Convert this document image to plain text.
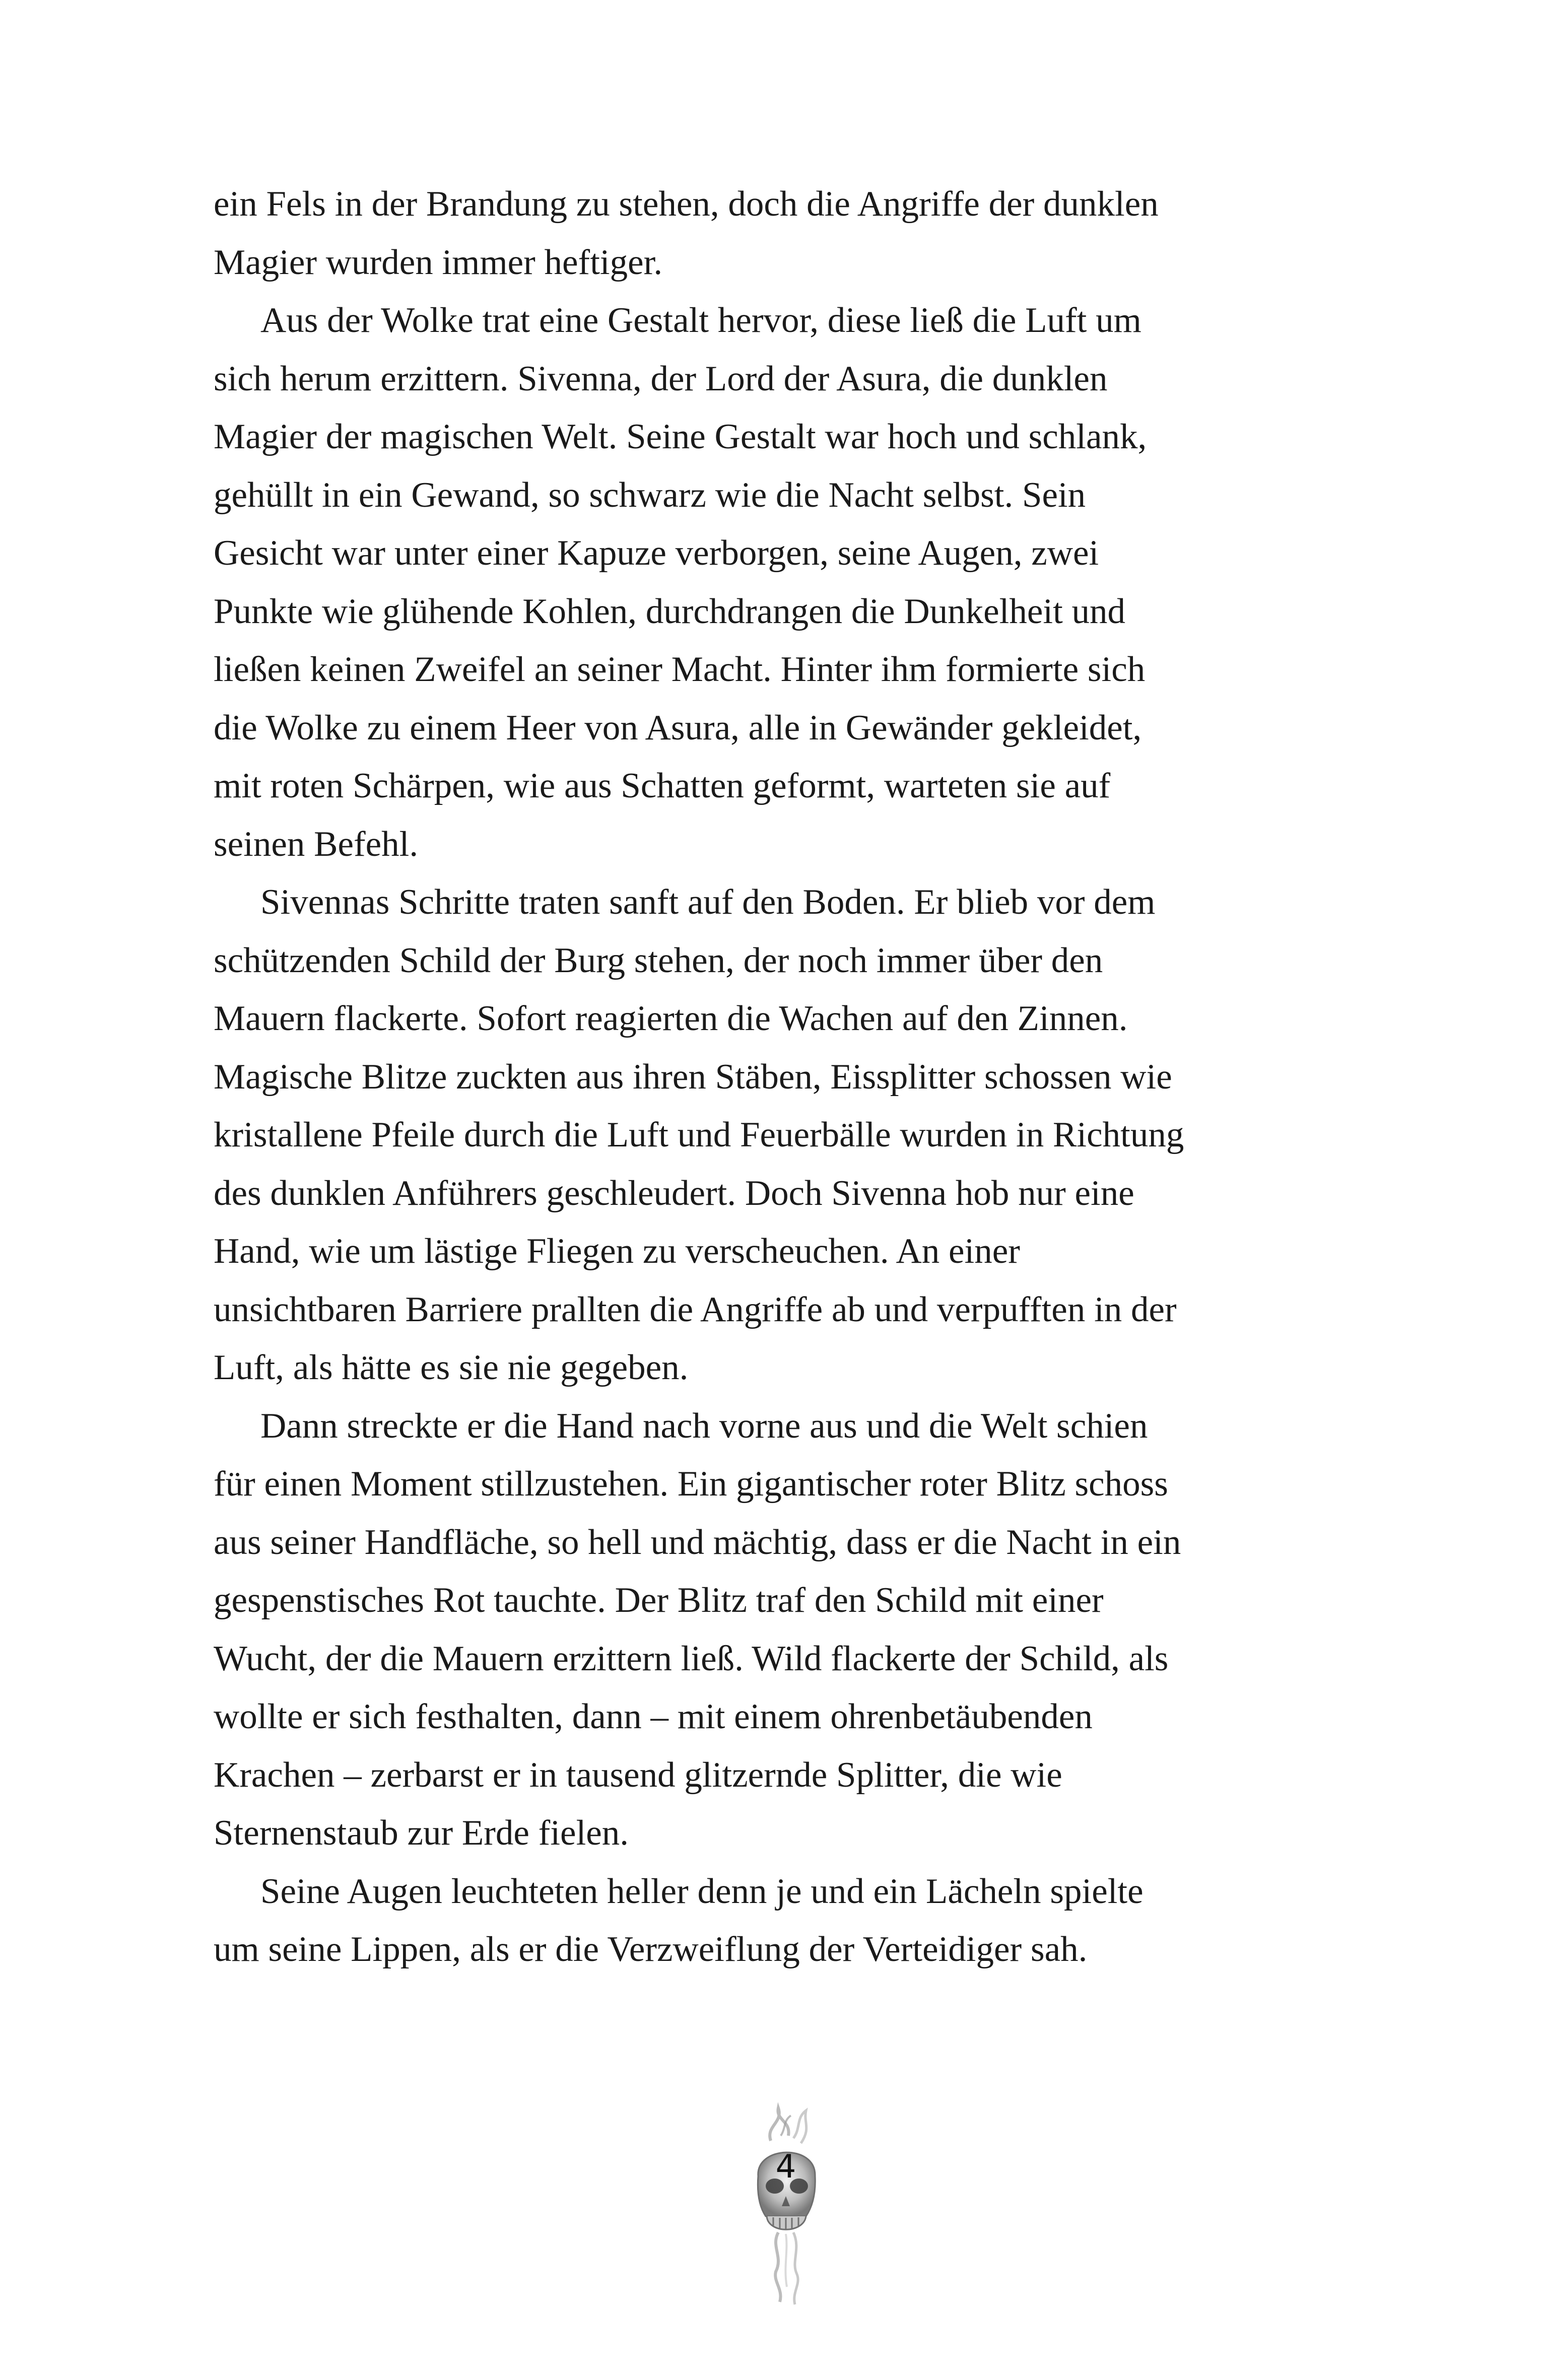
ein Fels in der Brandung zu stehen, doch die Angriffe der dunklen
Magier wurden immer heftiger.
Aus der Wolke trat eine Gestalt hervor, diese ließ die Luft um
sich herum erzittern. Sivenna, der Lord der Asura, die dunklen
Magier der magischen Welt. Seine Gestalt war hoch und schlank,
gehüllt in ein Gewand, so schwarz wie die Nacht selbst. Sein
Gesicht war unter einer Kapuze verborgen, seine Augen, zwei
Punkte wie glühende Kohlen, durchdrangen die Dunkelheit und
ließen keinen Zweifel an seiner Macht. Hinter ihm formierte sich
die Wolke zu einem Heer von Asura, alle in Gewänder gekleidet,
mit roten Schärpen, wie aus Schatten geformt, warteten sie auf
seinen Befehl.
Sivennas Schritte traten sanft auf den Boden. Er blieb vor dem
schützenden Schild der Burg stehen, der noch immer über den
Mauern flackerte. Sofort reagierten die Wachen auf den Zinnen.
Magische Blitze zuckten aus ihren Stäben, Eissplitter schossen wie
kristallene Pfeile durch die Luft und Feuerbälle wurden in Richtung
des dunklen Anführers geschleudert. Doch Sivenna hob nur eine
Hand, wie um lästige Fliegen zu verscheuchen. An einer
unsichtbaren Barriere prallten die Angriffe ab und verpufften in der
Luft, als hätte es sie nie gegeben.
Dann streckte er die Hand nach vorne aus und die Welt schien
für einen Moment stillzustehen. Ein gigantischer roter Blitz schoss
aus seiner Handfläche, so hell und mächtig, dass er die Nacht in ein
gespenstisches Rot tauchte. Der Blitz traf den Schild mit einer
Wucht, der die Mauern erzittern ließ. Wild flackerte der Schild, als
wollte er sich festhalten, dann – mit einem ohrenbetäubenden
Krachen – zerbarst er in tausend glitzernde Splitter, die wie
Sternenstaub zur Erde fielen.
Seine Augen leuchteten heller denn je und ein Lächeln spielte
um seine Lippen, als er die Verzweiflung der Verteidiger sah.
4
